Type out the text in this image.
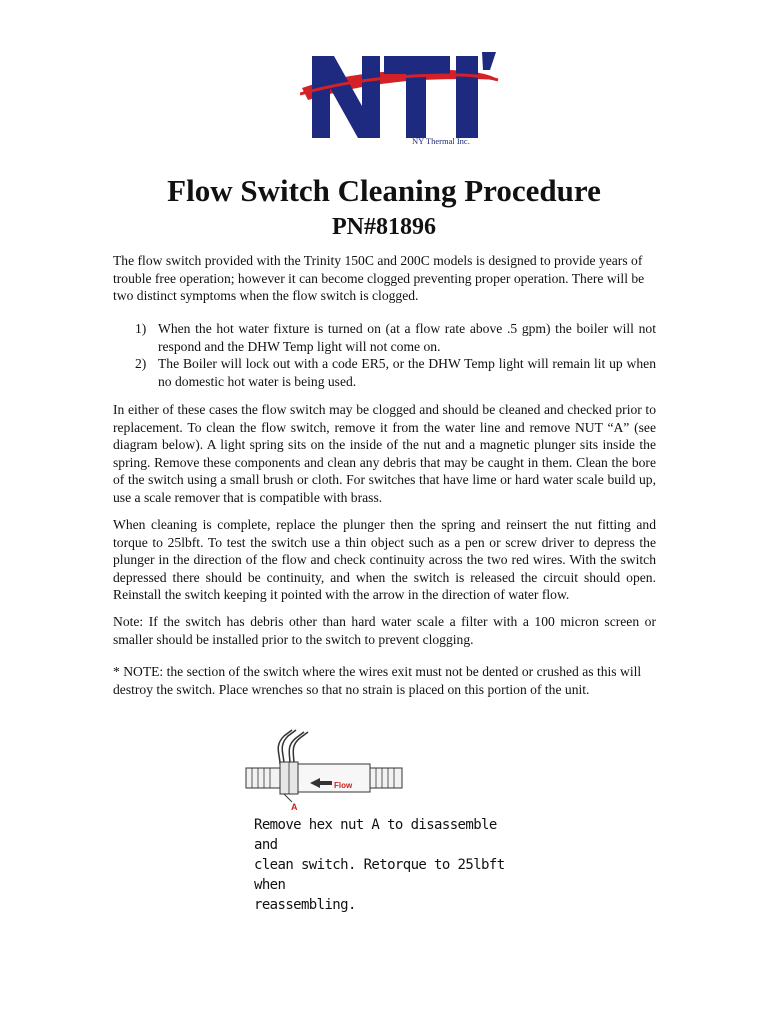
NY Thermal Inc.
Flow Switch Cleaning Procedure
PN#81896
The flow switch provided with the Trinity 150C and 200C models is designed to provide years of trouble free operation; however it can become clogged preventing proper operation. There will be two distinct symptoms when the flow switch is clogged.
1) When the hot water fixture is turned on (at a flow rate above .5 gpm) the boiler will not respond and the DHW Temp light will not come on.
2) The Boiler will lock out with a code ER5, or the DHW Temp light will remain lit up when no domestic hot water is being used.
In either of these cases the flow switch may be clogged and should be cleaned and checked prior to replacement. To clean the flow switch, remove it from the water line and remove NUT “A” (see diagram below). A light spring sits on the inside of the nut and a magnetic plunger sits inside the spring. Remove these components and clean any debris that may be caught in them. Clean the bore of the switch using a small brush or cloth. For switches that have lime or hard water scale build up, use a scale remover that is compatible with brass.
When cleaning is complete, replace the plunger then the spring and reinsert the nut fitting and torque to 25lbft. To test the switch use a thin object such as a pen or screw driver to depress the plunger in the direction of the flow and check continuity across the two red wires. With the switch depressed there should be continuity, and when the switch is released the circuit should open. Reinstall the switch keeping it pointed with the arrow in the direction of water flow.
Note: If the switch has debris other than hard water scale a filter with a 100 micron screen or smaller should be installed prior to the switch to prevent clogging.
* NOTE: the section of the switch where the wires exit must not be dented or crushed as this will destroy the switch. Place wrenches so that no strain is placed on this portion of the unit.
Flow
A
Remove hex nut A to disassemble and
clean switch. Retorque to 25lbft when
reassembling.
